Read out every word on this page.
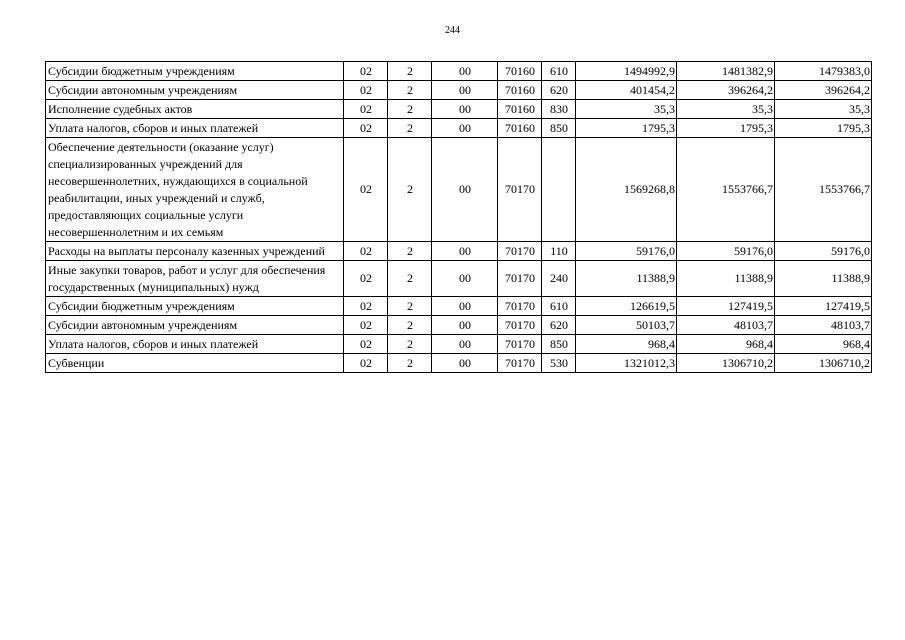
244
Субсидии бюджетным учреждениям	02	2	00	70160	610	1494992,9	1481382,9	1479383,0
Субсидии автономным учреждениям	02	2	00	70160	620	401454,2	396264,2	396264,2
Исполнение судебных актов	02	2	00	70160	830	35,3	35,3	35,3
Уплата налогов, сборов и иных платежей	02	2	00	70160	850	1795,3	1795,3	1795,3
Обеспечение деятельности (оказание услуг) специализированных учреждений для несовершеннолетних, нуждающихся в социальной реабилитации, иных учреждений и служб, предоставляющих социальные услуги несовершеннолетним и их семьям	02	2	00	70170		1569268,8	1553766,7	1553766,7
Расходы на выплаты персоналу казенных учреждений	02	2	00	70170	110	59176,0	59176,0	59176,0
Иные закупки товаров, работ и услуг для обеспечения государственных (муниципальных) нужд	02	2	00	70170	240	11388,9	11388,9	11388,9
Субсидии бюджетным учреждениям	02	2	00	70170	610	126619,5	127419,5	127419,5
Субсидии автономным учреждениям	02	2	00	70170	620	50103,7	48103,7	48103,7
Уплата налогов, сборов и иных платежей	02	2	00	70170	850	968,4	968,4	968,4
Субвенции	02	2	00	70170	530	1321012,3	1306710,2	1306710,2
